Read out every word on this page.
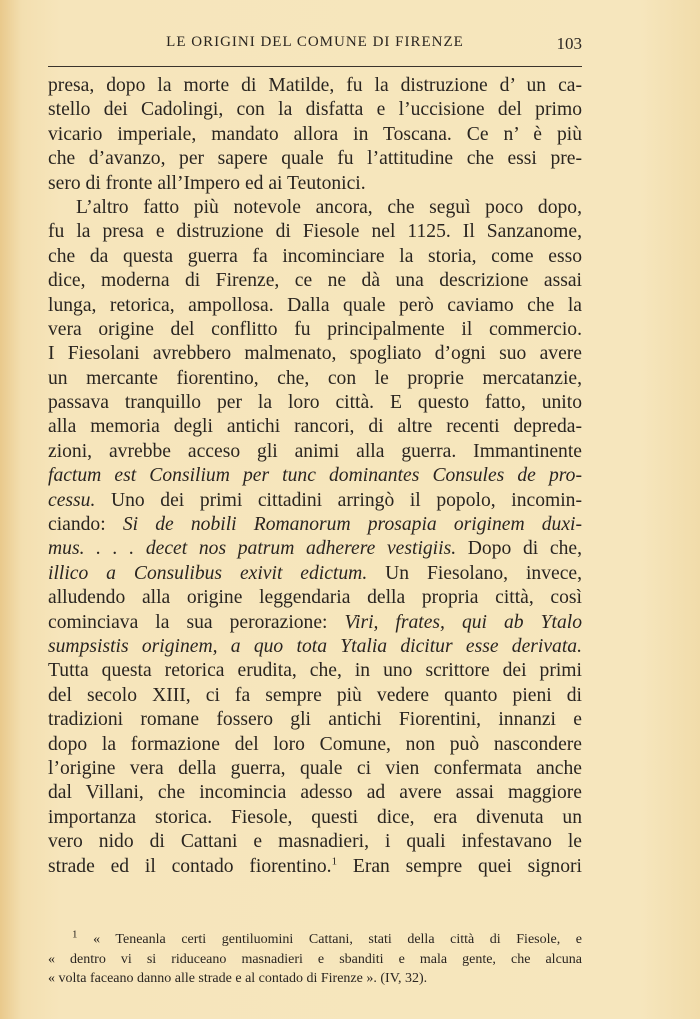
LE ORIGINI DEL COMUNE DI FIRENZE	103
presa, dopo la morte di Matilde, fu la distruzione d’ un ca-
stello dei Cadolingi, con la disfatta e l’uccisione del primo
vicario imperiale, mandato allora in Toscana. Ce n’ è più
che d’avanzo, per sapere quale fu l’attitudine che essi pre-
sero di fronte all’Impero ed ai Teutonici.
L’altro fatto più notevole ancora, che seguì poco dopo,
fu la presa e distruzione di Fiesole nel 1125. Il Sanzanome,
che da questa guerra fa incominciare la storia, come esso
dice, moderna di Firenze, ce ne dà una descrizione assai
lunga, retorica, ampollosa. Dalla quale però caviamo che la
vera origine del conflitto fu principalmente il commercio.
I Fiesolani avrebbero malmenato, spogliato d’ogni suo avere
un mercante fiorentino, che, con le proprie mercatanzie,
passava tranquillo per la loro città. E questo fatto, unito
alla memoria degli antichi rancori, di altre recenti depreda-
zioni, avrebbe acceso gli animi alla guerra. Immantinente
factum est Consilium per tunc dominantes Consules de pro-
cessu. Uno dei primi cittadini arringò il popolo, incomin-
ciando: Si de nobili Romanorum prosapia originem duxi-
mus. . . . decet nos patrum adherere vestigiis. Dopo di che,
illico a Consulibus exivit edictum. Un Fiesolano, invece,
alludendo alla origine leggendaria della propria città, così
cominciava la sua perorazione: Viri, frates, qui ab Ytalo
sumpsistis originem, a quo tota Ytalia dicitur esse derivata.
Tutta questa retorica erudita, che, in uno scrittore dei primi
del secolo XIII, ci fa sempre più vedere quanto pieni di
tradizioni romane fossero gli antichi Fiorentini, innanzi e
dopo la formazione del loro Comune, non può nascondere
l’origine vera della guerra, quale ci vien confermata anche
dal Villani, che incomincia adesso ad avere assai maggiore
importanza storica. Fiesole, questi dice, era divenuta un
vero nido di Cattani e masnadieri, i quali infestavano le
strade ed il contado fiorentino.$^1$ Eran sempre quei signori
$^1$ « Teneanla certi gentiluomini Cattani, stati della città di Fiesole, e
« dentro vi si riduceano masnadieri e sbanditi e mala gente, che alcuna
« volta faceano danno alle strade e al contado di Firenze ». (IV, 32).
